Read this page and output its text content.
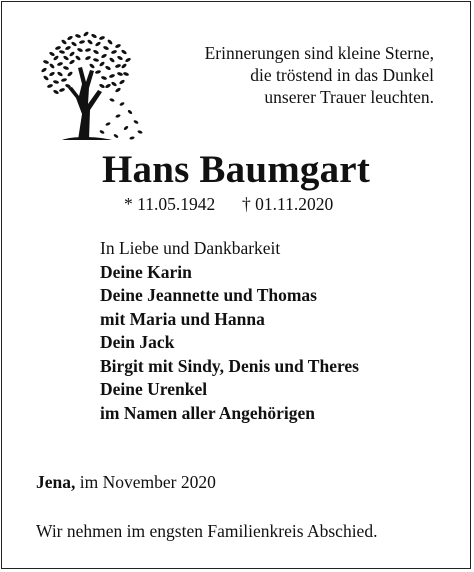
Erinnerungen sind kleine Sterne,
die tröstend in das Dunkel
unserer Trauer leuchten.
Hans Baumgart
* 11.05.1942 † 01.11.2020
In Liebe und Dankbarkeit
Deine Karin
Deine Jeannette und Thomas
mit Maria und Hanna
Dein Jack
Birgit mit Sindy, Denis und Theres
Deine Urenkel
im Namen aller Angehörigen
Jena, im November 2020
Wir nehmen im engsten Familienkreis Abschied.
